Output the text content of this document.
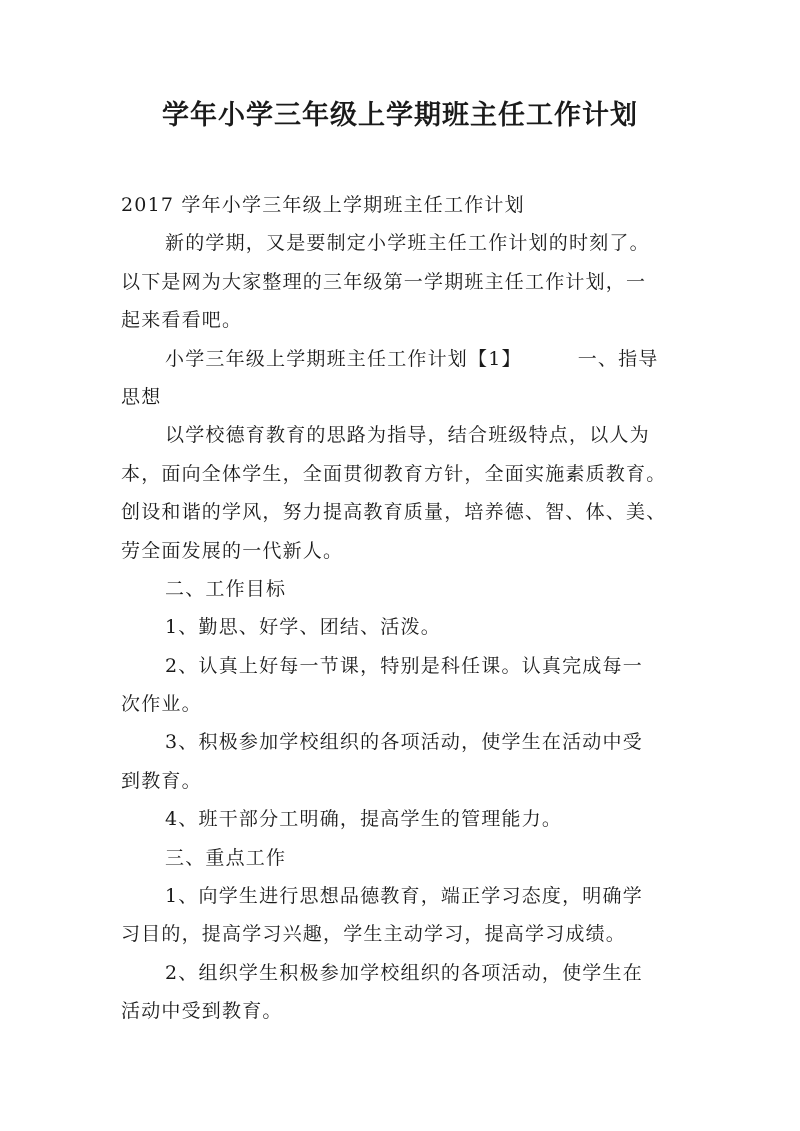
学年小学三年级上学期班主任工作计划
2017 学年小学三年级上学期班主任工作计划
新的学期，又是要制定小学班主任工作计划的时刻了。
以下是网为大家整理的三年级第一学期班主任工作计划，一
起来看看吧。
小学三年级上学期班主任工作计划【1】	一、指导
思想
以学校德育教育的思路为指导，结合班级特点，以人为
本，面向全体学生，全面贯彻教育方针，全面实施素质教育。
创设和谐的学风，努力提高教育质量，培养德、智、体、美、
劳全面发展的一代新人。
二、工作目标
1、勤思、好学、团结、活泼。
2、认真上好每一节课，特别是科任课。认真完成每一
次作业。
3、积极参加学校组织的各项活动，使学生在活动中受
到教育。
4、班干部分工明确，提高学生的管理能力。
三、重点工作
1、向学生进行思想品德教育，端正学习态度，明确学
习目的，提高学习兴趣，学生主动学习，提高学习成绩。
2、组织学生积极参加学校组织的各项活动，使学生在
活动中受到教育。
